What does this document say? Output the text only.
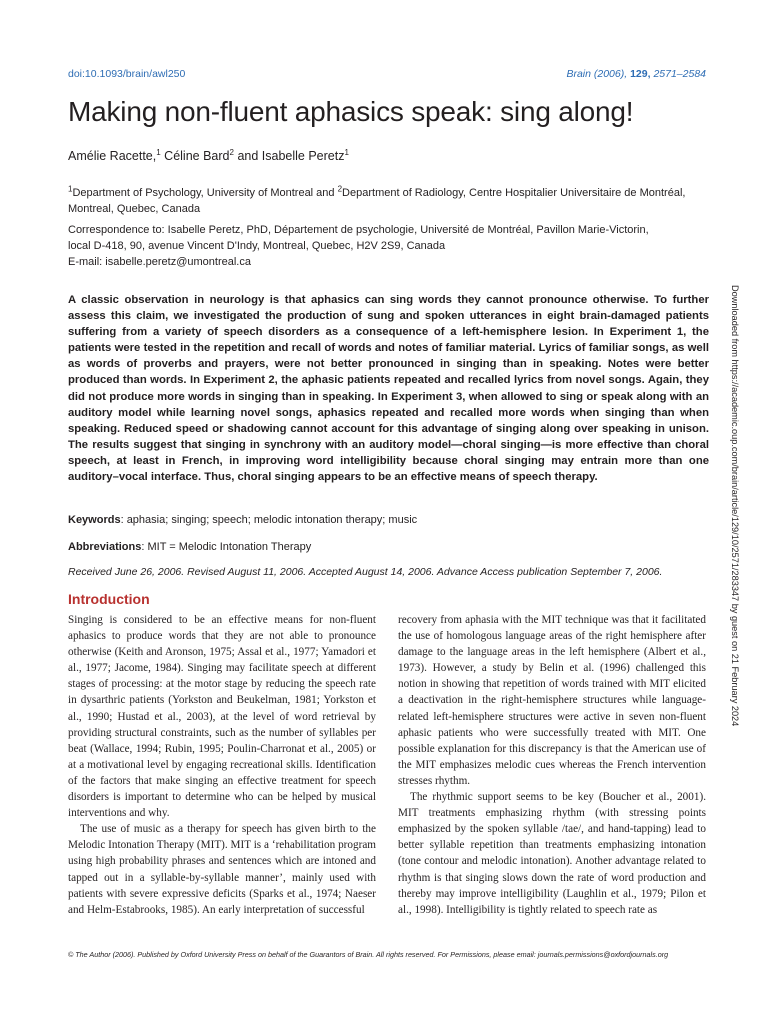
doi:10.1093/brain/awl250	Brain (2006), 129, 2571–2584
Making non-fluent aphasics speak: sing along!
Amélie Racette,$^1$ Céline Bard$^2$ and Isabelle Peretz$^1$
$^1$Department of Psychology, University of Montreal and $^2$Department of Radiology, Centre Hospitalier Universitaire de Montréal, Montreal, Quebec, Canada
Correspondence to: Isabelle Peretz, PhD, Département de psychologie, Université de Montréal, Pavillon Marie-Victorin,
local D-418, 90, avenue Vincent D'Indy, Montreal, Quebec, H2V 2S9, Canada
E-mail: isabelle.peretz@umontreal.ca

A classic observation in neurology is that aphasics can sing words they cannot pronounce otherwise. To further assess this claim, we investigated the production of sung and spoken utterances in eight brain-damaged patients suffering from a variety of speech disorders as a consequence of a left-hemisphere lesion. In Experiment 1, the patients were tested in the repetition and recall of words and notes of familiar material. Lyrics of familiar songs, as well as words of proverbs and prayers, were not better pronounced in singing than in speaking. Notes were better produced than words. In Experiment 2, the aphasic patients repeated and recalled lyrics from novel songs. Again, they did not produce more words in singing than in speaking. In Experiment 3, when allowed to sing or speak along with an auditory model while learning novel songs, aphasics repeated and recalled more words when singing than when speaking. Reduced speed or shadowing cannot account for this advantage of singing along over speaking in unison. The results suggest that singing in synchrony with an auditory model—choral singing—is more effective than choral speech, at least in French, in improving word intelligibility because choral singing may entrain more than one auditory–vocal interface. Thus, choral singing appears to be an effective means of speech therapy.

Keywords: aphasia; singing; speech; melodic intonation therapy; music
Abbreviations: MIT = Melodic Intonation Therapy
Received June 26, 2006. Revised August 11, 2006. Accepted August 14, 2006. Advance Access publication September 7, 2006.
Introduction

Singing is considered to be an effective means for non-fluent aphasics to produce words that they are not able to pronounce otherwise (Keith and Aronson, 1975; Assal et al., 1977; Yamadori et al., 1977; Jacome, 1984). Singing may facilitate speech at different stages of processing: at the motor stage by reducing the speech rate in dysarthric patients (Yorkston and Beukelman, 1981; Yorkston et al., 1990; Hustad et al., 2003), at the level of word retrieval by providing structural constraints, such as the number of syllables per beat (Wallace, 1994; Rubin, 1995; Poulin-Charronat et al., 2005) or at a motivational level by engaging recreational skills. Identification of the factors that make singing an effective treatment for speech disorders is important to determine who can be helped by musical interventions and why.

The use of music as a therapy for speech has given birth to the Melodic Intonation Therapy (MIT). MIT is a ‘rehabilitation program using high probability phrases and sentences which are intoned and tapped out in a syllable-by-syllable manner’, mainly used with patients with severe expressive deficits (Sparks et al., 1974; Naeser and Helm-Estabrooks, 1985). An early interpretation of successful

recovery from aphasia with the MIT technique was that it facilitated the use of homologous language areas of the right hemisphere after damage to the language areas in the left hemisphere (Albert et al., 1973). However, a study by Belin et al. (1996) challenged this notion in showing that repetition of words trained with MIT elicited a deactivation in the right-hemisphere structures while language-related left-hemisphere structures were active in seven non-fluent aphasic patients who were successfully treated with MIT. One possible explanation for this discrepancy is that the American use of the MIT emphasizes melodic cues whereas the French intervention stresses rhythm.

The rhythmic support seems to be key (Boucher et al., 2001). MIT treatments emphasizing rhythm (with stressing points emphasized by the spoken syllable /tae/, and hand-tapping) lead to better syllable repetition than treatments emphasizing intonation (tone contour and melodic intonation). Another advantage related to rhythm is that singing slows down the rate of word production and thereby may improve intelligibility (Laughlin et al., 1979; Pilon et al., 1998). Intelligibility is tightly related to speech rate as

© The Author (2006). Published by Oxford University Press on behalf of the Guarantors of Brain. All rights reserved. For Permissions, please email: journals.permissions@oxfordjournals.org
Downloaded from https://academic.oup.com/brain/article/129/10/2571/283347 by guest on 21 February 2024
